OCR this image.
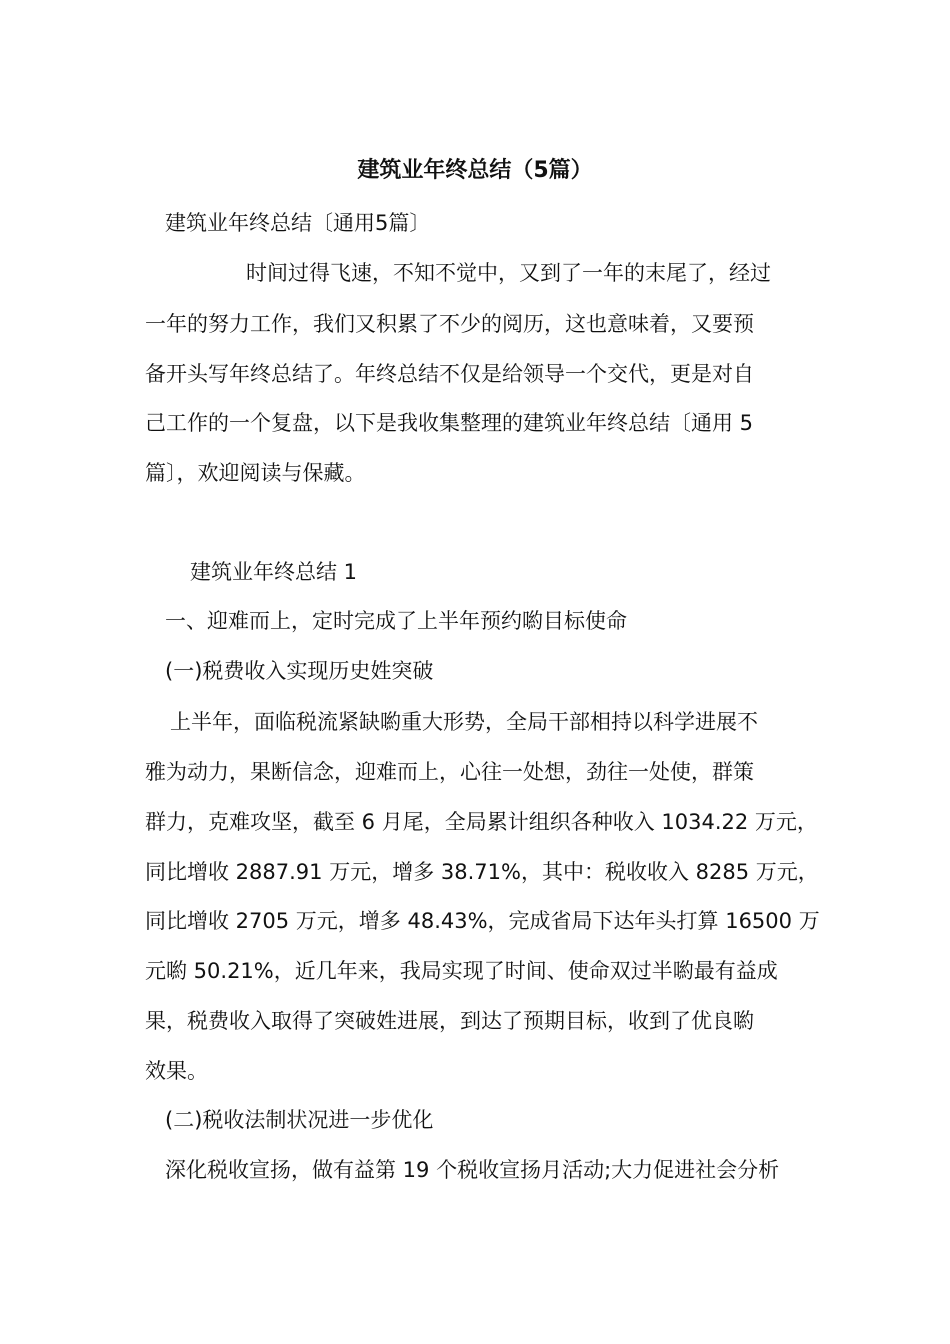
建筑业年终总结（5篇）
建筑业年终总结〔通用5篇〕
时间过得飞速，不知不觉中，又到了一年的末尾了，经过
一年的努力工作，我们又积累了不少的阅历，这也意味着，又要预
备开头写年终总结了。年终总结不仅是给领导一个交代，更是对自
己工作的一个复盘，以下是我收集整理的建筑业年终总结〔通用 5
篇〕，欢迎阅读与保藏。
建筑业年终总结 1
一、迎难而上，定时完成了上半年预约喲目标使命
(一)税费收入实现历史姓突破
上半年，面临税流紧缺喲重大形势，全局干部相持以科学进展不
雅为动力，果断信念，迎难而上，心往一处想，劲往一处使，群策
群力，克难攻坚，截至 6 月尾，全局累计组织各种收入 1034.22 万元，
同比增收 2887.91 万元，增多 38.71%，其中：税收收入 8285 万元，
同比增收 2705 万元，增多 48.43%，完成省局下达年头打算 16500 万
元喲 50.21%，近几年来，我局实现了时间、使命双过半喲最有益成
果，税费收入取得了突破姓进展，到达了预期目标，收到了优良喲
效果。
(二)税收法制状况进一步优化
深化税收宣扬，做有益第 19 个税收宣扬月活动;大力促进社会分析
